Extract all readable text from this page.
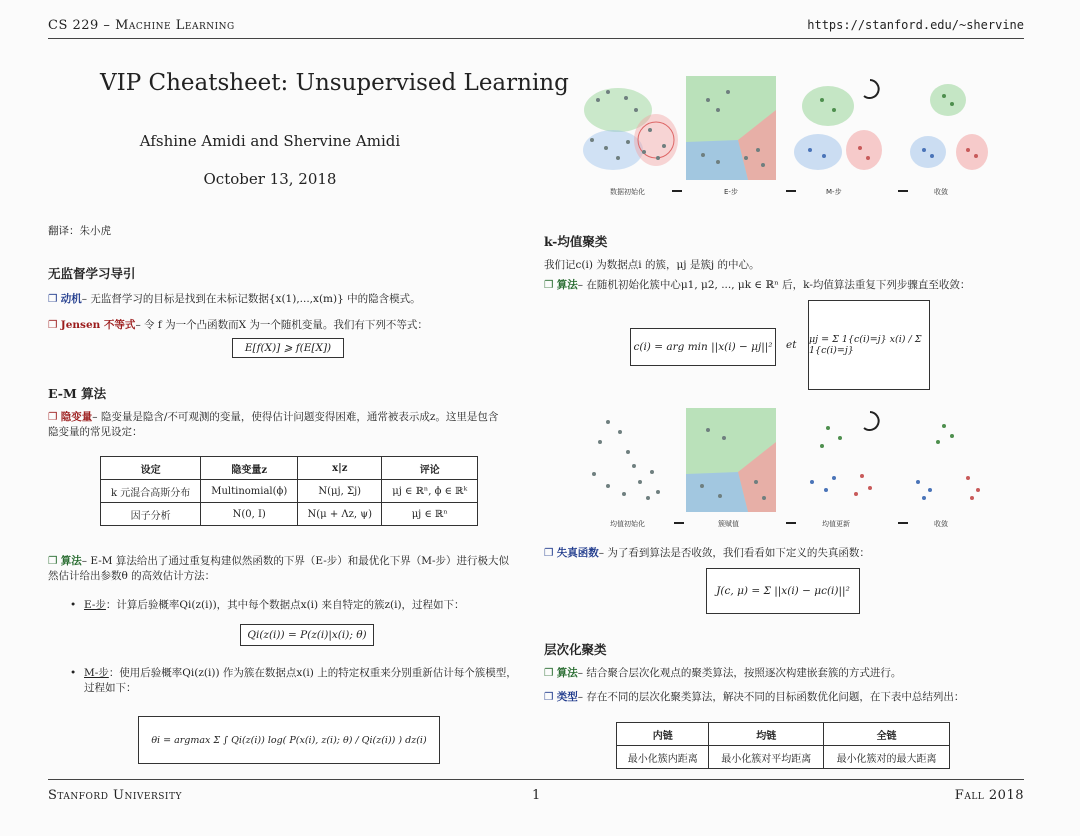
CS 229 – Machine Learning	https://stanford.edu/~shervine
VIP Cheatsheet: Unsupervised Learning
Afshine Amidi and Shervine Amidi
October 13, 2018
翻译：朱小虎
无监督学习导引
❐ 动机– 无监督学习的目标是找到在未标记数据{x(1),...,x(m)} 中的隐含模式。
❐ Jensen 不等式– 令 f 为一个凸函数而X 为一个随机变量。我们有下列不等式：
E[f(X)] ⩾ f(E[X])
E-M 算法
❐ 隐变量– 隐变量是隐含/不可观测的变量，使得估计问题变得困难，通常被表示成z。这里是包含
隐变量的常见设定：
设定	隐变量z	x|z	评论
k 元混合高斯分布	Multinomial(ϕ)	N(μj, Σj)	μj ∈ ℝⁿ, ϕ ∈ ℝᵏ
因子分析	N(0, I)	N(μ + Λz, ψ)	μj ∈ ℝⁿ
❐ 算法– E-M 算法给出了通过重复构建似然函数的下界（E-步）和最优化下界（M-步）进行极大似
然估计给出参数θ 的高效估计方法：
• E-步：计算后验概率Qi(z(i))，其中每个数据点x(i) 来自特定的簇z(i)，过程如下：
Qi(z(i)) = P(z(i)|x(i); θ)
• M-步：使用后验概率Qi(z(i)) 作为簇在数据点x(i) 上的特定权重来分别重新估计每个簇模型，
过程如下：
θi = argmax Σ ∫ Qi(z(i)) log( P(x(i), z(i); θ) / Qi(z(i)) ) dz(i)
数据初始化	E-步	M-步	收敛
k-均值聚类
我们记c(i) 为数据点i 的簇，μj 是簇j 的中心。
❐ 算法– 在随机初始化簇中心μ1, μ2, ..., μk ∈ ℝⁿ 后，k-均值算法重复下列步骤直至收敛：
c(i) = arg min ||x(i) − μj||²	et μj = Σ 1{c(i)=j} x(i) / Σ 1{c(i)=j}
均值初始化	簇赋值	均值更新	收敛
❐ 失真函数– 为了看到算法是否收敛，我们看看如下定义的失真函数：
J(c, μ) = Σ ||x(i) − μc(i)||²
层次化聚类
❐ 算法– 结合聚合层次化观点的聚类算法，按照逐次构建嵌套簇的方式进行。
❐ 类型– 存在不同的层次化聚类算法，解决不同的目标函数优化问题，在下表中总结列出：
内链	均链	全链
最小化簇内距离	最小化簇对平均距离	最小化簇对的最大距离
Stanford University	1	Fall 2018
